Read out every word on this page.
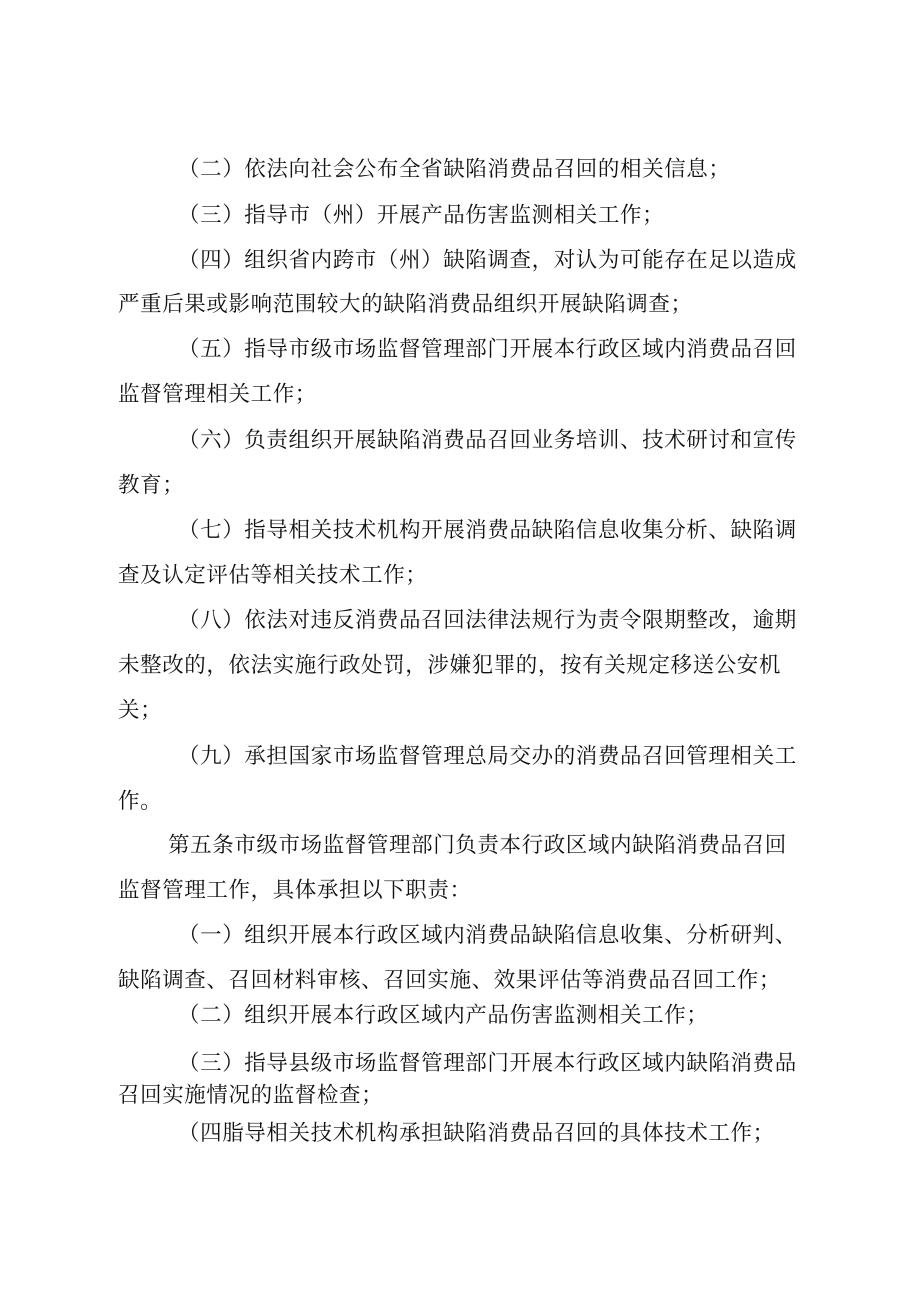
（二）依法向社会公布全省缺陷消费品召回的相关信息；
（三）指导市（州）开展产品伤害监测相关工作；
（四）组织省内跨市（州）缺陷调查，对认为可能存在足以造成
严重后果或影响范围较大的缺陷消费品组织开展缺陷调查；
（五）指导市级市场监督管理部门开展本行政区域内消费品召回
监督管理相关工作；
（六）负责组织开展缺陷消费品召回业务培训、技术研讨和宣传
教育；
（七）指导相关技术机构开展消费品缺陷信息收集分析、缺陷调
查及认定评估等相关技术工作；
（八）依法对违反消费品召回法律法规行为责令限期整改，逾期
未整改的，依法实施行政处罚，涉嫌犯罪的，按有关规定移送公安机
关；
（九）承担国家市场监督管理总局交办的消费品召回管理相关工
作。
第五条市级市场监督管理部门负责本行政区域内缺陷消费品召回
监督管理工作，具体承担以下职责：
（一）组织开展本行政区域内消费品缺陷信息收集、分析研判、
缺陷调查、召回材料审核、召回实施、效果评估等消费品召回工作；
（二）组织开展本行政区域内产品伤害监测相关工作；
（三）指导县级市场监督管理部门开展本行政区域内缺陷消费品
召回实施情况的监督检查；
（四脂导相关技术机构承担缺陷消费品召回的具体技术工作；
